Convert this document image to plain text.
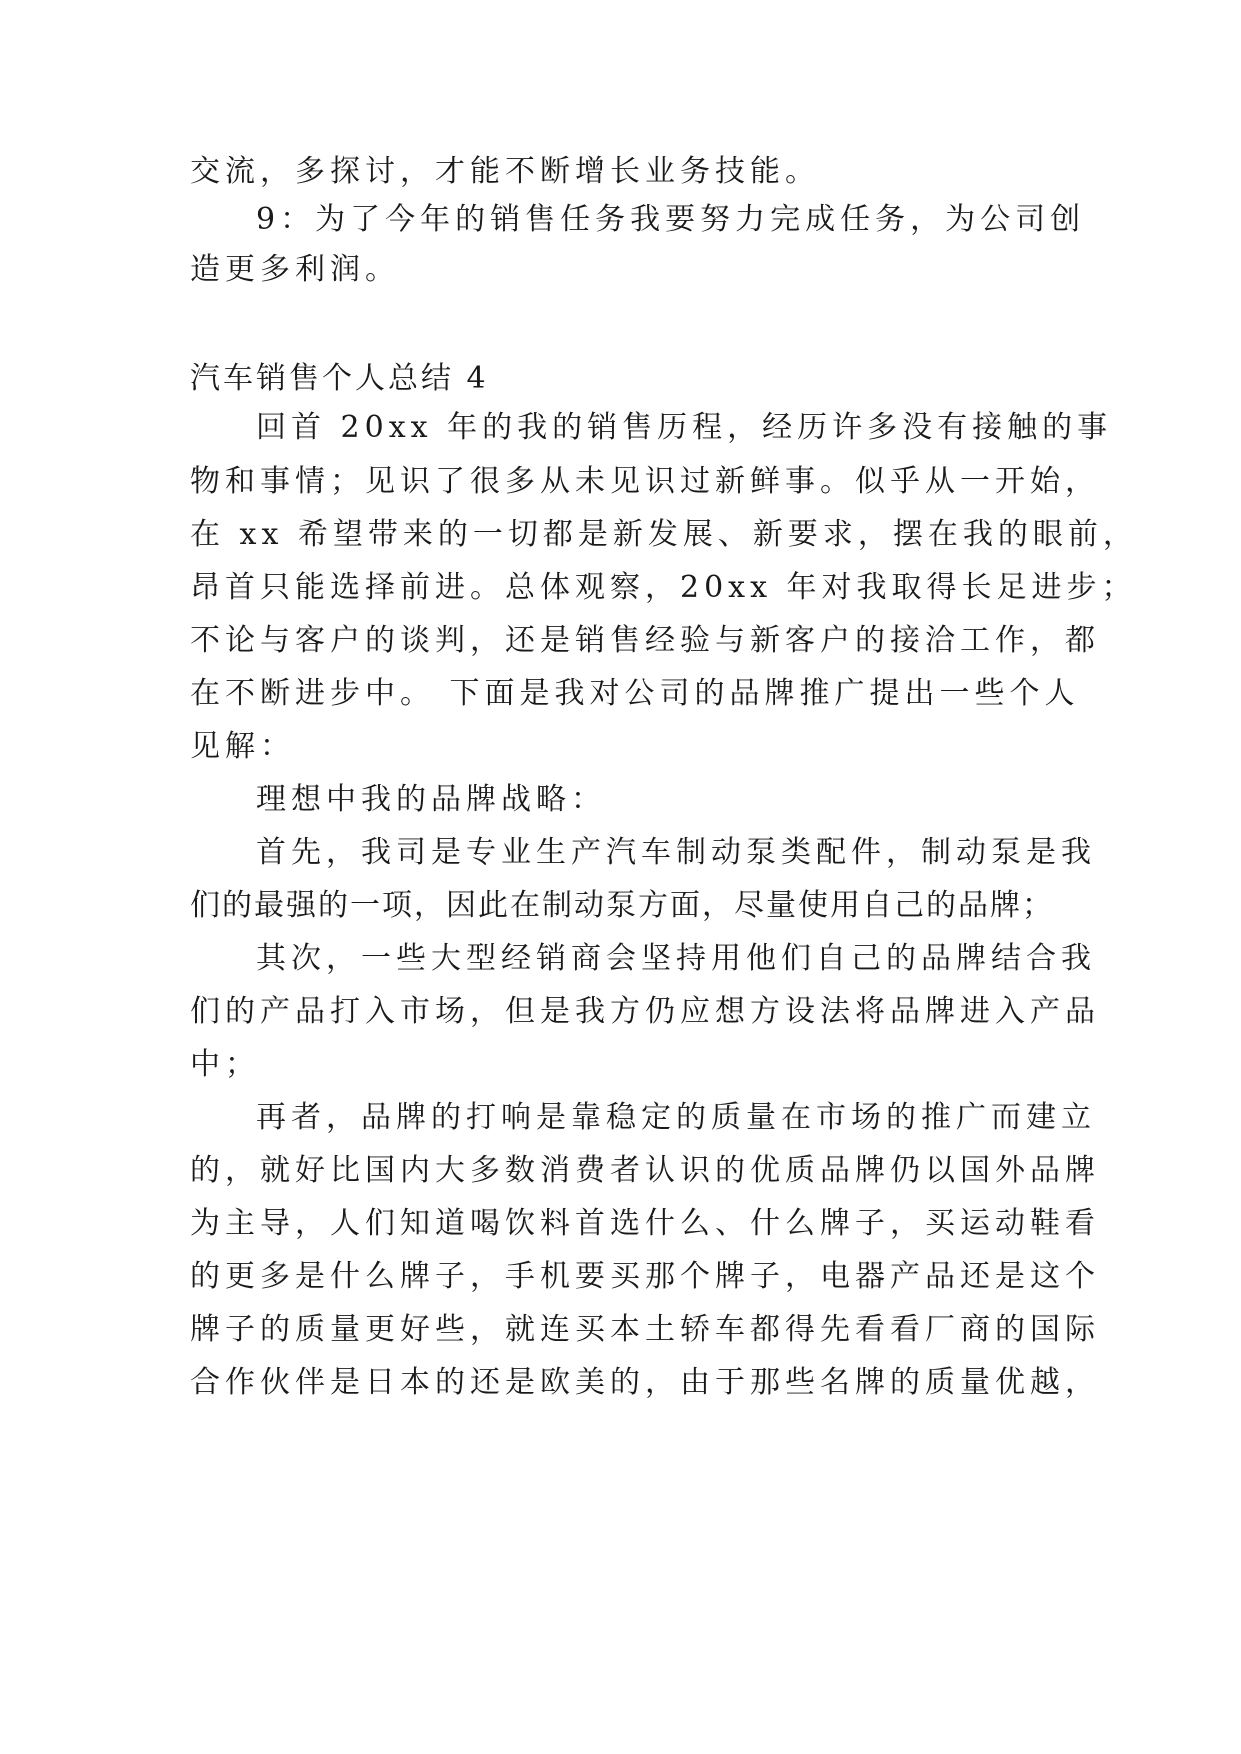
交流，多探讨，才能不断增长业务技能。
9：为了今年的销售任务我要努力完成任务，为公司创
造更多利润。
汽车销售个人总结 4
回首 20xx 年的我的销售历程，经历许多没有接触的事
物和事情；见识了很多从未见识过新鲜事。似乎从一开始，
在 xx 希望带来的一切都是新发展、新要求，摆在我的眼前，
昂首只能选择前进。总体观察，20xx 年对我取得长足进步；
不论与客户的谈判，还是销售经验与新客户的接洽工作，都
在不断进步中。 下面是我对公司的品牌推广提出一些个人
见解：
理想中我的品牌战略：
首先，我司是专业生产汽车制动泵类配件，制动泵是我
们的最强的一项，因此在制动泵方面，尽量使用自己的品牌；
其次，一些大型经销商会坚持用他们自己的品牌结合我
们的产品打入市场，但是我方仍应想方设法将品牌进入产品
中；
再者，品牌的打响是靠稳定的质量在市场的推广而建立
的，就好比国内大多数消费者认识的优质品牌仍以国外品牌
为主导，人们知道喝饮料首选什么、什么牌子，买运动鞋看
的更多是什么牌子，手机要买那个牌子，电器产品还是这个
牌子的质量更好些，就连买本土轿车都得先看看厂商的国际
合作伙伴是日本的还是欧美的，由于那些名牌的质量优越，
